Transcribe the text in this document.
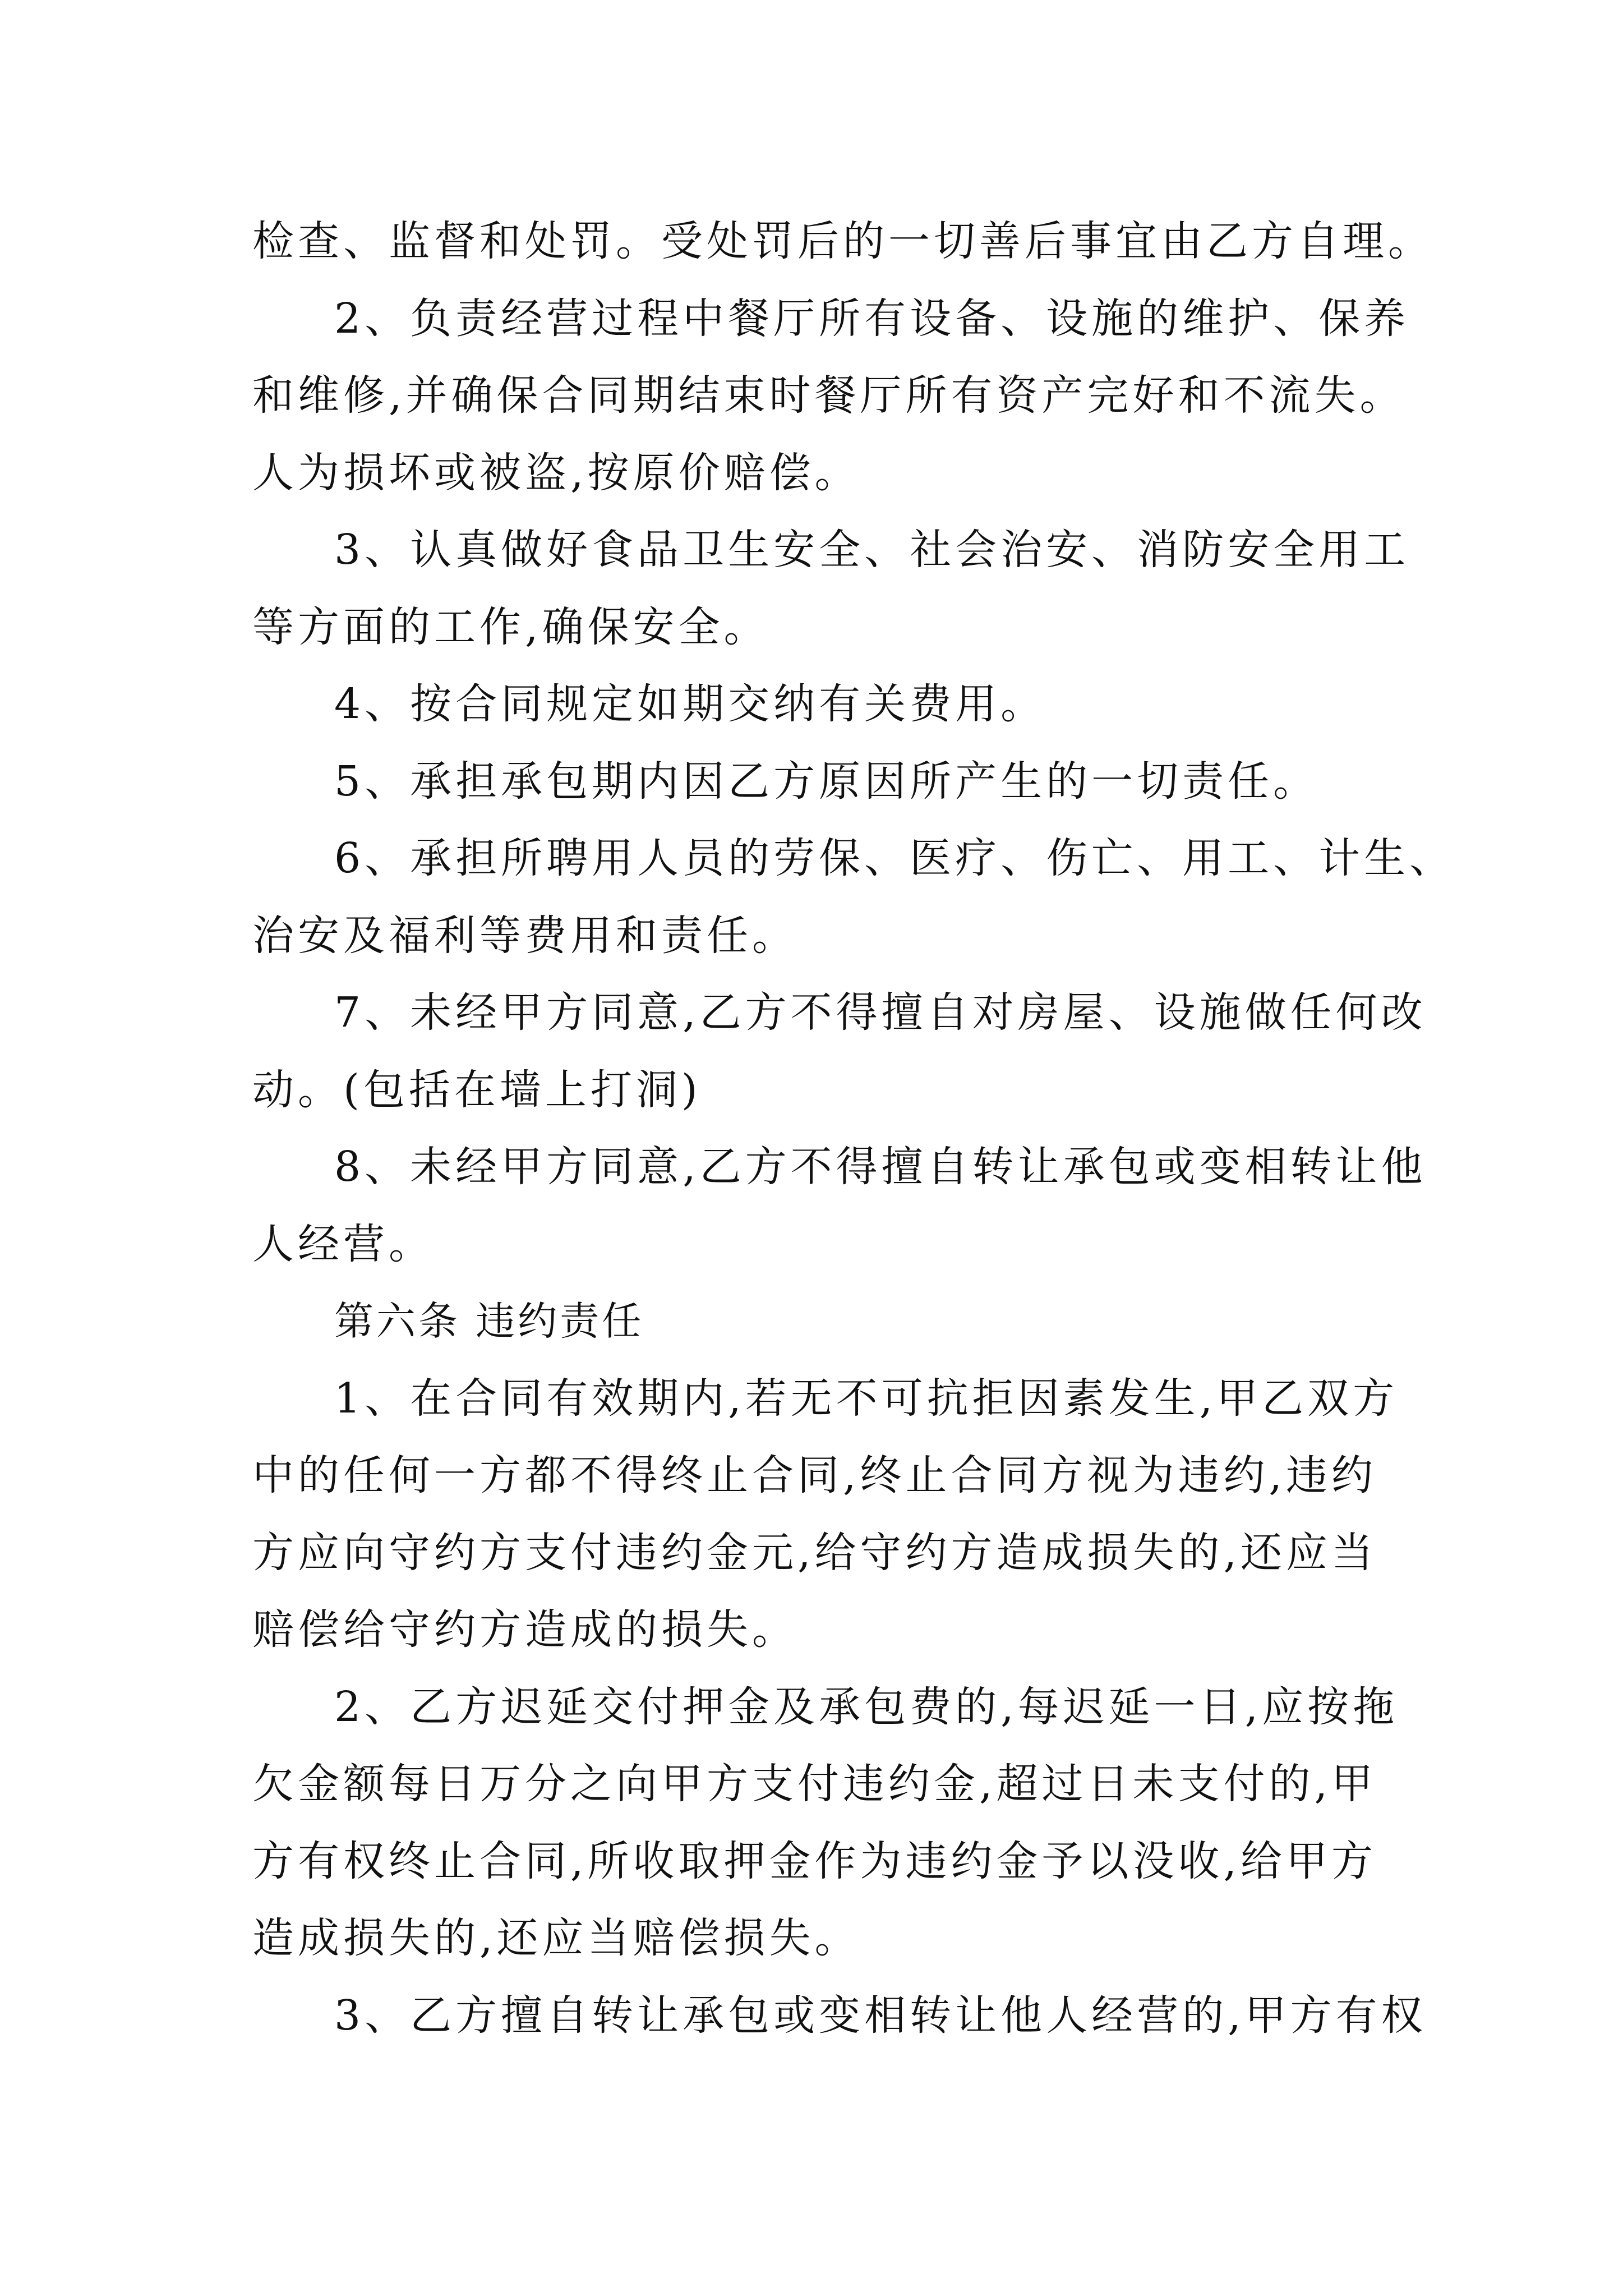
检查、监督和处罚。受处罚后的一切善后事宜由乙方自理。
2、负责经营过程中餐厅所有设备、设施的维护、保养
和维修,并确保合同期结束时餐厅所有资产完好和不流失。
人为损坏或被盗,按原价赔偿。
3、认真做好食品卫生安全、社会治安、消防安全用工
等方面的工作,确保安全。
4、按合同规定如期交纳有关费用。
5、承担承包期内因乙方原因所产生的一切责任。
6、承担所聘用人员的劳保、医疗、伤亡、用工、计生、
治安及福利等费用和责任。
7、未经甲方同意,乙方不得擅自对房屋、设施做任何改
动。(包括在墙上打洞)
8、未经甲方同意,乙方不得擅自转让承包或变相转让他
人经营。
第六条 违约责任
1、在合同有效期内,若无不可抗拒因素发生,甲乙双方
中的任何一方都不得终止合同,终止合同方视为违约,违约
方应向守约方支付违约金元,给守约方造成损失的,还应当
赔偿给守约方造成的损失。
2、乙方迟延交付押金及承包费的,每迟延一日,应按拖
欠金额每日万分之向甲方支付违约金,超过日未支付的,甲
方有权终止合同,所收取押金作为违约金予以没收,给甲方
造成损失的,还应当赔偿损失。
3、乙方擅自转让承包或变相转让他人经营的,甲方有权
